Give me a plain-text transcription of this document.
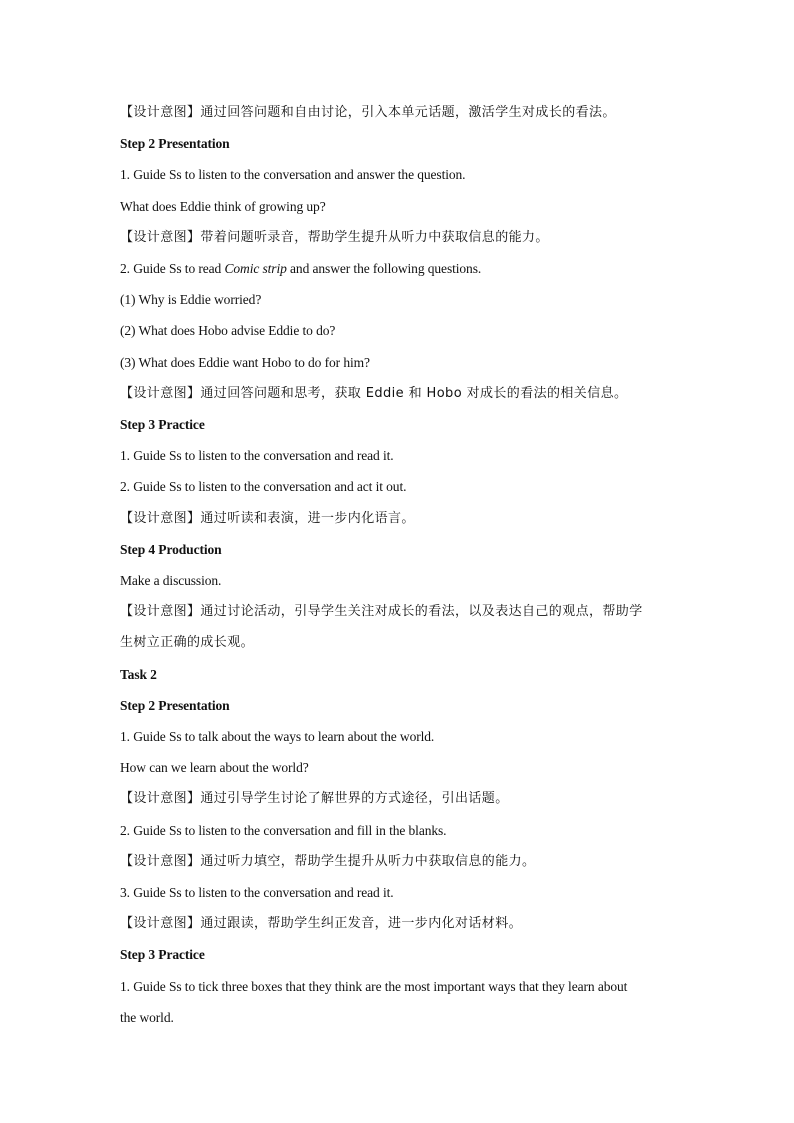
【设计意图】通过回答问题和自由讨论，引入本单元话题，激活学生对成长的看法。
Step 2 Presentation
1. Guide Ss to listen to the conversation and answer the question.
What does Eddie think of growing up?
【设计意图】带着问题听录音，帮助学生提升从听力中获取信息的能力。
2. Guide Ss to read Comic strip and answer the following questions.
(1) Why is Eddie worried?
(2) What does Hobo advise Eddie to do?
(3) What does Eddie want Hobo to do for him?
【设计意图】通过回答问题和思考，获取 Eddie 和 Hobo 对成长的看法的相关信息。
Step 3 Practice
1. Guide Ss to listen to the conversation and read it.
2. Guide Ss to listen to the conversation and act it out.
【设计意图】通过听读和表演，进一步内化语言。
Step 4 Production
Make a discussion.
【设计意图】通过讨论活动，引导学生关注对成长的看法，以及表达自己的观点，帮助学
生树立正确的成长观。
Task 2
Step 2 Presentation
1. Guide Ss to talk about the ways to learn about the world.
How can we learn about the world?
【设计意图】通过引导学生讨论了解世界的方式途径，引出话题。
2. Guide Ss to listen to the conversation and fill in the blanks.
【设计意图】通过听力填空，帮助学生提升从听力中获取信息的能力。
3. Guide Ss to listen to the conversation and read it.
【设计意图】通过跟读，帮助学生纠正发音，进一步内化对话材料。
Step 3 Practice
1. Guide Ss to tick three boxes that they think are the most important ways that they learn about
the world.
